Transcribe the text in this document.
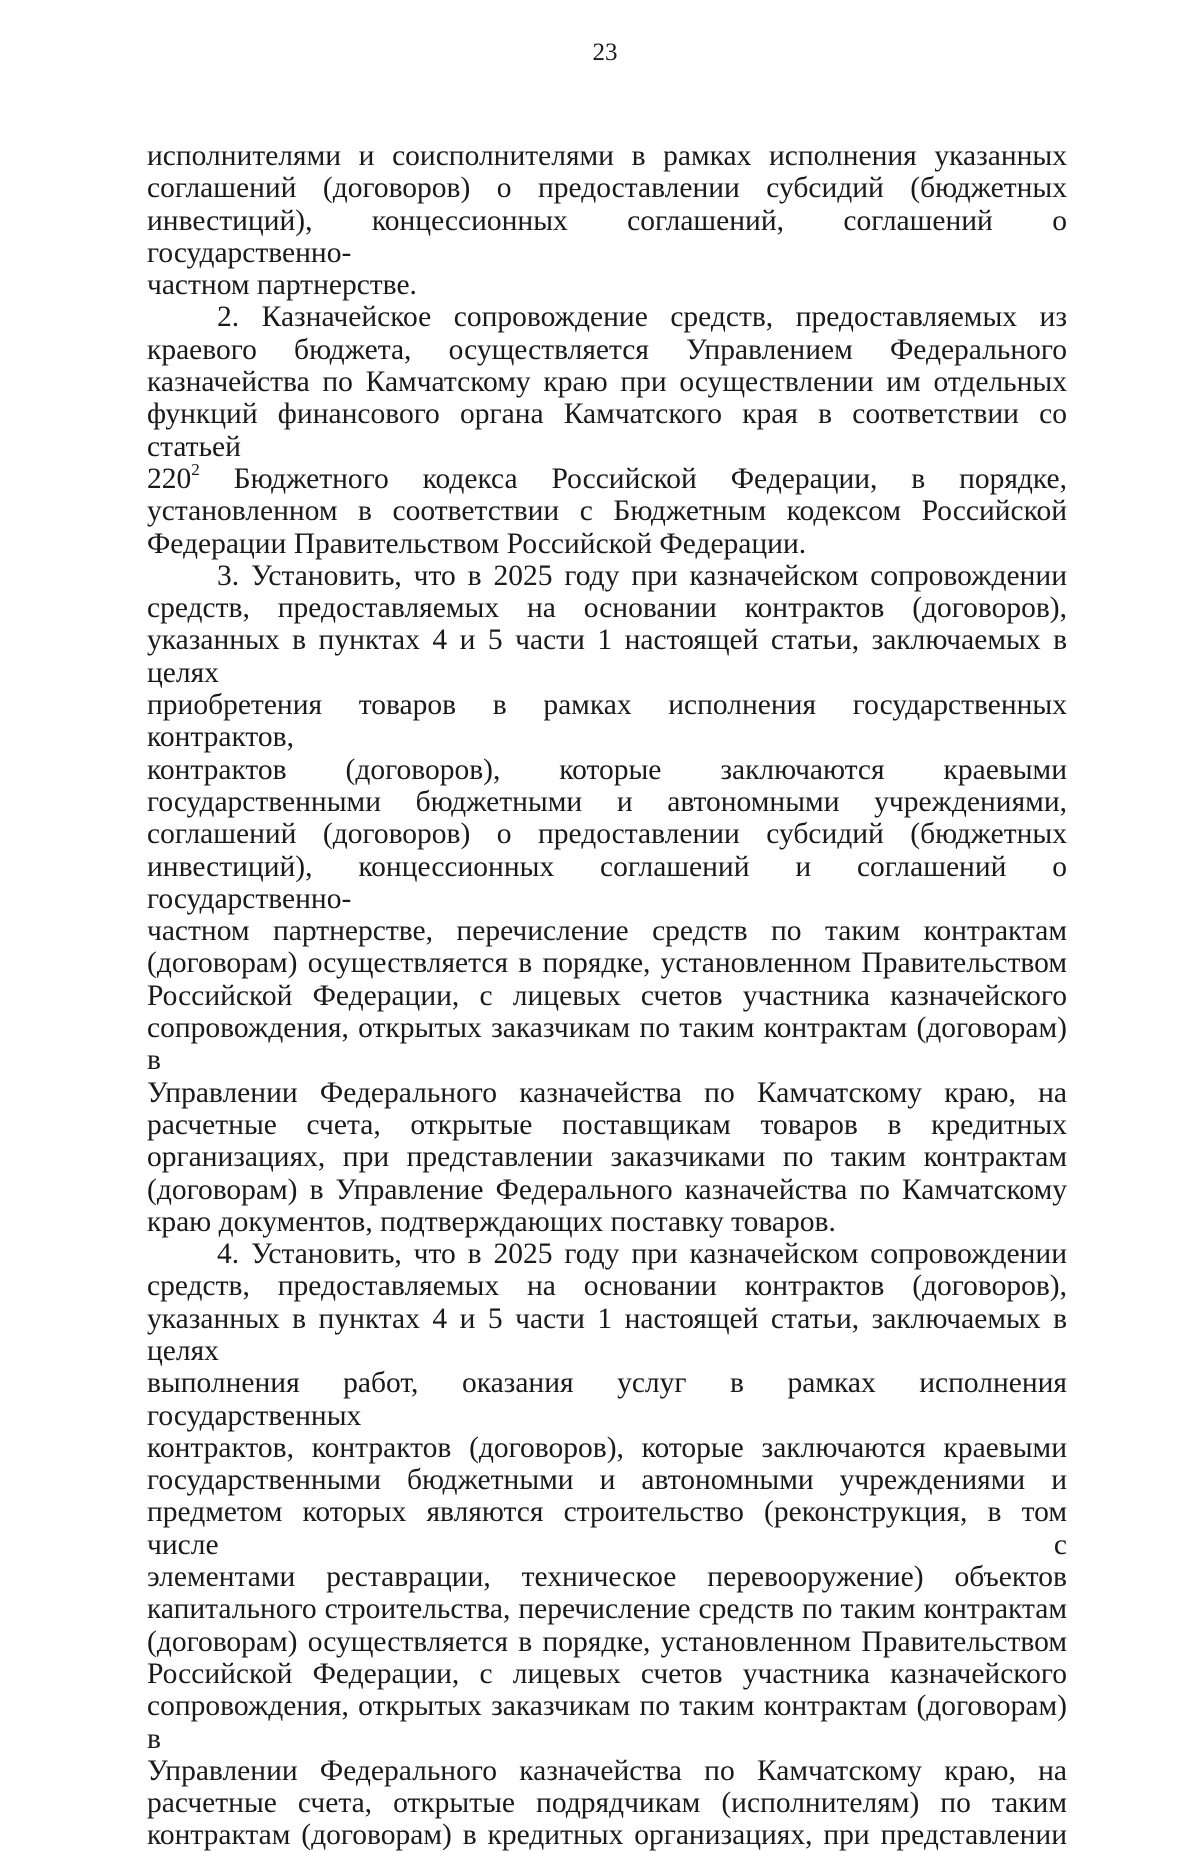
23

исполнителями и соисполнителями в рамках исполнения указанных
соглашений (договоров) о предоставлении субсидий (бюджетных
инвестиций), концессионных соглашений, соглашений о государственно-
частном партнерстве.

2. Казначейское сопровождение средств, предоставляемых из
краевого бюджета, осуществляется Управлением Федерального
казначейства по Камчатскому краю при осуществлении им отдельных
функций финансового органа Камчатского края в соответствии со статьей
$220^2$ Бюджетного кодекса Российской Федерации, в порядке,
установленном в соответствии с Бюджетным кодексом Российской
Федерации Правительством Российской Федерации.

3. Установить, что в 2025 году при казначейском сопровождении
средств, предоставляемых на основании контрактов (договоров),
указанных в пунктах 4 и 5 части 1 настоящей статьи, заключаемых в целях
приобретения товаров в рамках исполнения государственных контрактов,
контрактов (договоров), которые заключаются краевыми
государственными бюджетными и автономными учреждениями,
соглашений (договоров) о предоставлении субсидий (бюджетных
инвестиций), концессионных соглашений и соглашений о государственно-
частном партнерстве, перечисление средств по таким контрактам
(договорам) осуществляется в порядке, установленном Правительством
Российской Федерации, с лицевых счетов участника казначейского
сопровождения, открытых заказчикам по таким контрактам (договорам) в
Управлении Федерального казначейства по Камчатскому краю, на
расчетные счета, открытые поставщикам товаров в кредитных
организациях, при представлении заказчиками по таким контрактам
(договорам) в Управление Федерального казначейства по Камчатскому
краю документов, подтверждающих поставку товаров.

4. Установить, что в 2025 году при казначейском сопровождении
средств, предоставляемых на основании контрактов (договоров),
указанных в пунктах 4 и 5 части 1 настоящей статьи, заключаемых в целях
выполнения работ, оказания услуг в рамках исполнения государственных
контрактов, контрактов (договоров), которые заключаются краевыми
государственными бюджетными и автономными учреждениями и
предметом которых являются строительство (реконструкция, в том числе с
элементами реставрации, техническое перевооружение) объектов
капитального строительства, перечисление средств по таким контрактам
(договорам) осуществляется в порядке, установленном Правительством
Российской Федерации, с лицевых счетов участника казначейского
сопровождения, открытых заказчикам по таким контрактам (договорам) в
Управлении Федерального казначейства по Камчатскому краю, на
расчетные счета, открытые подрядчикам (исполнителям) по таким
контрактам (договорам) в кредитных организациях, при представлении
